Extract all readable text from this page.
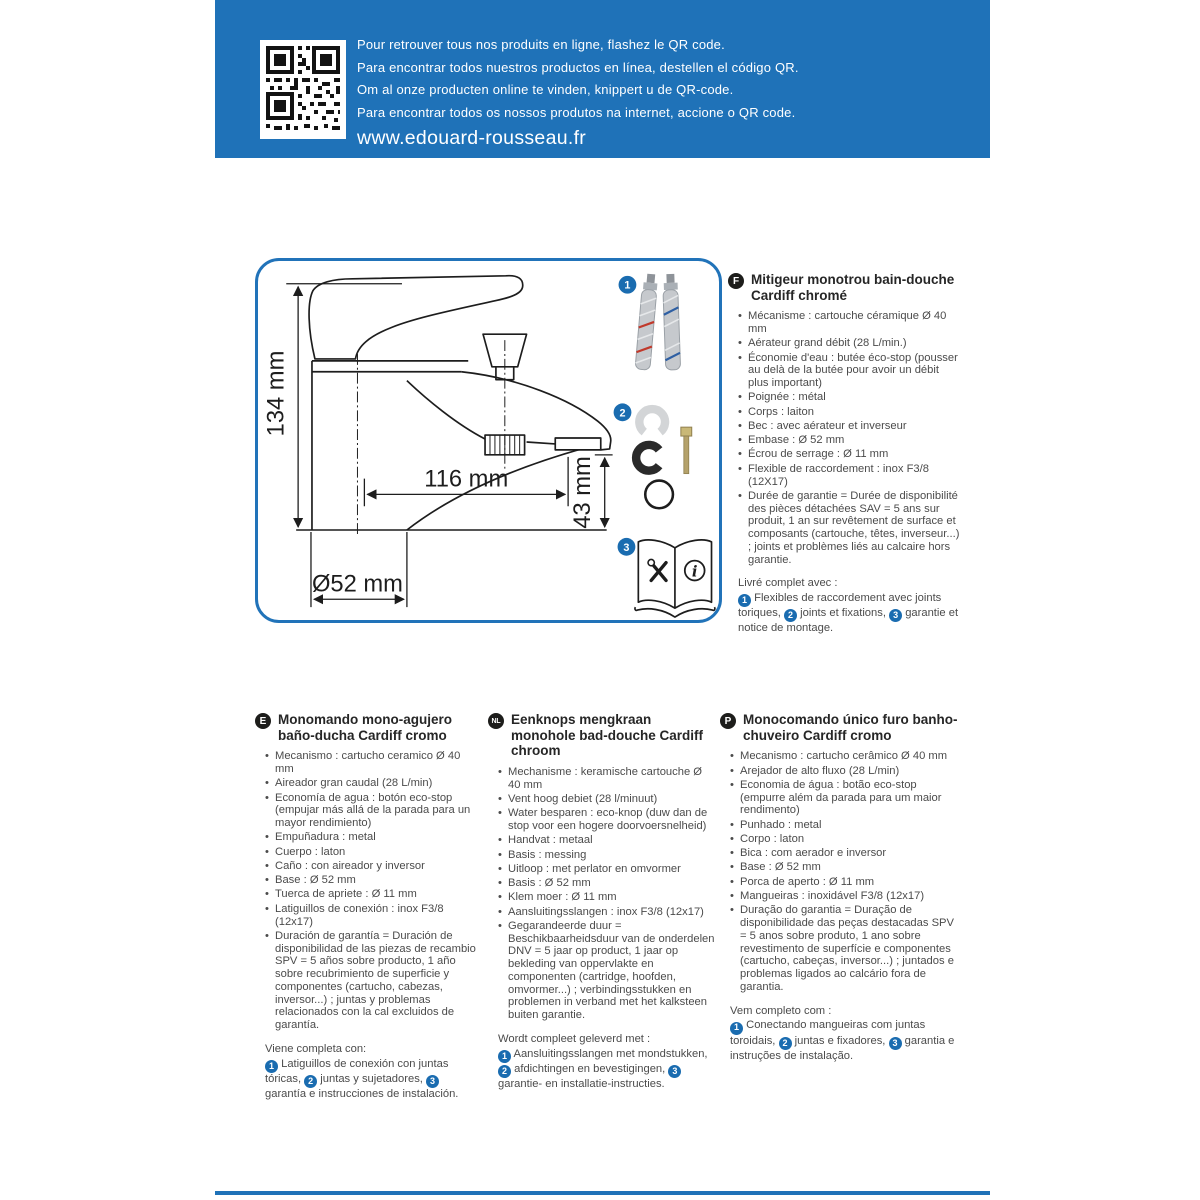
Pour retrouver tous nos produits en ligne, flashez le QR code.
Para encontrar todos nuestros productos en línea, destellen el código QR.
Om al onze producten online te vinden, knippert u de QR-code.
Para encontrar todos os nossos produtos na internet, accione o QR code.
www.edouard-rousseau.fr
134 mm
116 mm	43 mm
Ø52 mm
1
2
3
i
F Mitigeur monotrou bain-douche Cardiff chromé
• Mécanisme : cartouche céramique Ø 40 mm
• Aérateur grand débit (28 L/min.)
• Économie d'eau : butée éco-stop (pousser au delà de la butée pour avoir un débit plus important)
• Poignée : métal
• Corps : laiton
• Bec : avec aérateur et inverseur
• Embase : Ø 52 mm
• Écrou de serrage : Ø 11 mm
• Flexible de raccordement : inox F3/8 (12X17)
• Durée de garantie = Durée de disponibilité des pièces détachées SAV = 5 ans sur produit, 1 an sur revêtement de surface et composants (cartouche, têtes, inverseur...) ; joints et problèmes liés au calcaire hors garantie.

Livré complet avec :
1 Flexibles de raccordement avec joints toriques, 2 joints et fixations, 3 garantie et notice de montage.

E Monomando mono-agujero baño-ducha Cardiff cromo
• Mecanismo : cartucho ceramico Ø 40 mm
• Aireador gran caudal (28 L/min)
• Economía de agua : botón eco-stop (empujar más allá de la parada para un mayor rendimiento)
• Empuñadura : metal
• Cuerpo : laton
• Caño : con aireador y inversor
• Base : Ø 52 mm
• Tuerca de apriete : Ø 11 mm
• Latiguillos de conexión : inox F3/8 (12x17)
• Duración de garantía = Duración de disponibilidad de las piezas de recambio SPV = 5 años sobre producto, 1 año sobre recubrimiento de superficie y componentes (cartucho, cabezas, inversor...) ; juntas y problemas relacionados con la cal excluidos de garantía.

Viene completa con:
1 Latiguillos de conexión con juntas tóricas, 2 juntas y sujetadores, 3 garantía e instrucciones de instalación.

NL Eenknops mengkraan monohole bad-douche Cardiff chroom
• Mechanisme : keramische cartouche Ø 40 mm
• Vent hoog debiet (28 l/minuut)
• Water besparen : eco-knop (duw dan de stop voor een hogere doorvoersnelheid)
• Handvat : metaal
• Basis : messing
• Uitloop : met perlator en omvormer
• Basis : Ø 52 mm
• Klem moer : Ø 11 mm
• Aansluitingsslangen : inox F3/8 (12x17)
• Gegarandeerde duur = Beschikbaarheidsduur van de onderdelen DNV = 5 jaar op product, 1 jaar op bekleding van oppervlakte en componenten (cartridge, hoofden, omvormer...) ; verbindingsstukken en problemen in verband met het kalksteen buiten garantie.

Wordt compleet geleverd met :
1 Aansluitingsslangen met mondstukken, 2 afdichtingen en bevestigingen, 3 garantie- en installatie-instructies.

P Monocomando único furo banho-chuveiro Cardiff cromo
• Mecanismo : cartucho cerâmico Ø 40 mm
• Arejador de alto fluxo (28 L/min)
• Economia de água : botão eco-stop (empurre além da parada para um maior rendimento)
• Punhado : metal
• Corpo : laton
• Bica : com aerador e inversor
• Base : Ø 52 mm
• Porca de aperto : Ø 11 mm
• Mangueiras : inoxidável F3/8 (12x17)
• Duração do garantia = Duração de disponibilidade das peças destacadas SPV = 5 anos sobre produto, 1 ano sobre revestimento de superfície e componentes (cartucho, cabeças, inversor...) ; juntados e problemas ligados ao calcário fora de garantia.

Vem completo com :
1 Conectando mangueiras com juntas toroidais, 2 juntas e fixadores, 3 garantia e instruções de instalação.
